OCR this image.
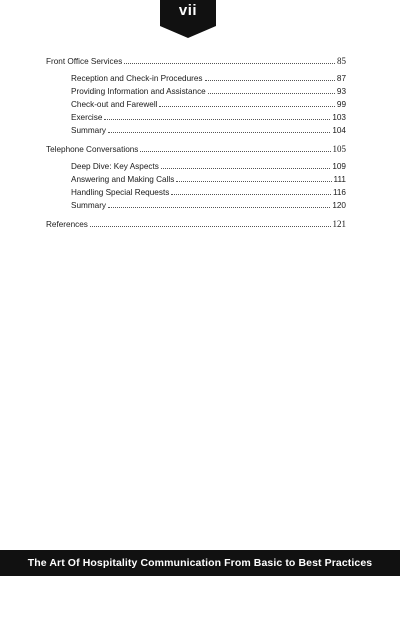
vii
Front Office Services	85
Reception and Check-in Procedures	87
Providing Information and Assistance	93
Check-out and Farewell	99
Exercise	103
Summary	104
Telephone Conversations	105
Deep Dive: Key Aspects	109
Answering and Making Calls	111
Handling Special Requests	116
Summary	120
References	121
The Art Of Hospitality Communication From Basic to Best Practices
